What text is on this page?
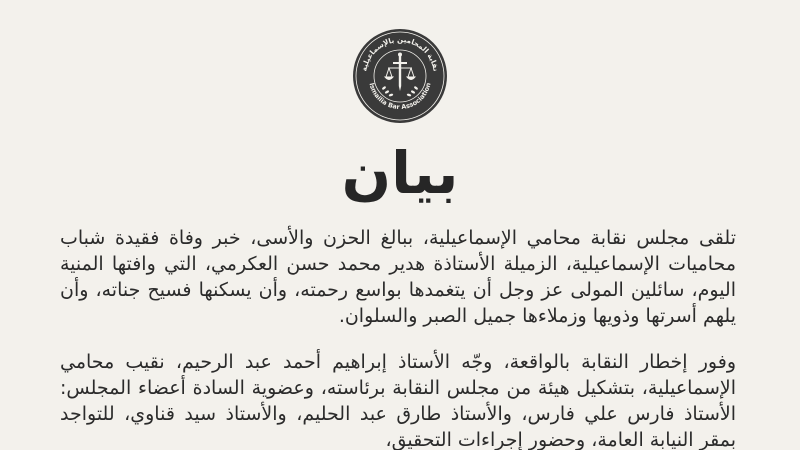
نقابة المحامين بالإسماعيلية
Ismailia Bar Association
بيان

تلقى مجلس نقابة محامي الإسماعيلية، ببالغ الحزن والأسى، خبر وفاة فقيدة شباب محاميات الإسماعيلية، الزميلة الأستاذة هدير محمد حسن العكرمي، التي وافتها المنية اليوم، سائلين المولى عز وجل أن يتغمدها بواسع رحمته، وأن يسكنها فسيح جناته، وأن يلهم أسرتها وذويها وزملاءها جميل الصبر والسلوان.

وفور إخطار النقابة بالواقعة، وجّه الأستاذ إبراهيم أحمد عبد الرحيم، نقيب محامي الإسماعيلية، بتشكيل هيئة من مجلس النقابة برئاسته، وعضوية السادة أعضاء المجلس: الأستاذ فارس علي فارس، والأستاذ طارق عبد الحليم، والأستاذ سيد قناوي، للتواجد بمقر النيابة العامة، وحضور إجراءات التحقيق،
